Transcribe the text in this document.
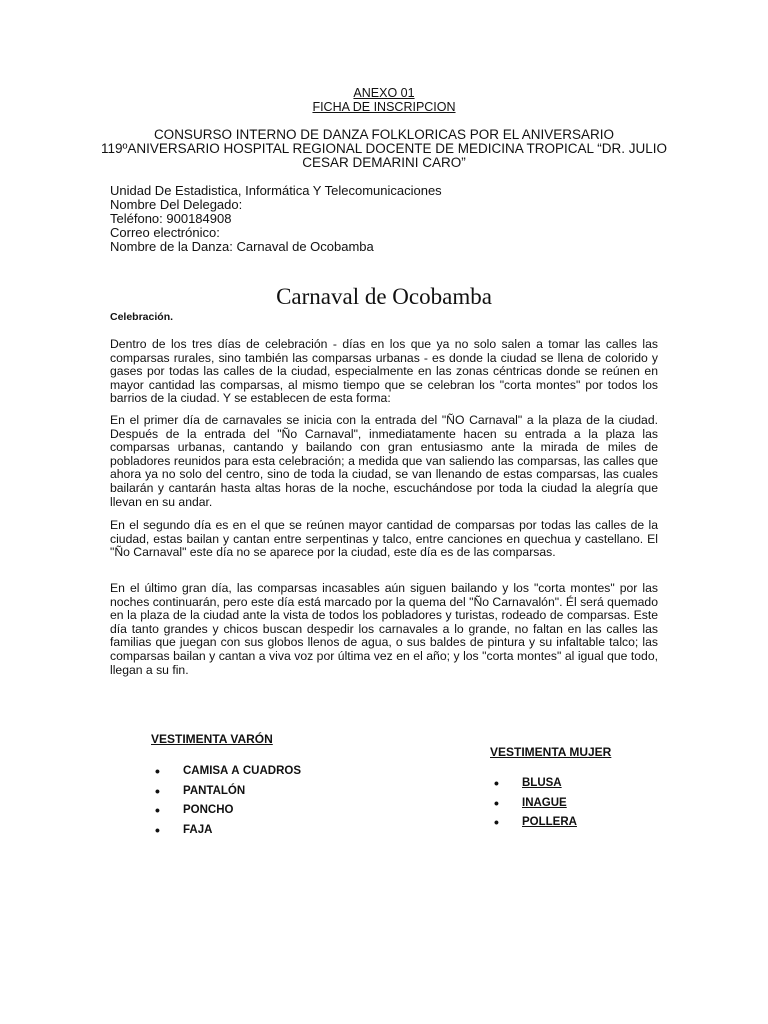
ANEXO 01
FICHA DE INSCRIPCION
CONSURSO INTERNO DE DANZA FOLKLORICAS POR EL ANIVERSARIO
119ºANIVERSARIO HOSPITAL REGIONAL DOCENTE DE MEDICINA TROPICAL “DR. JULIO
CESAR DEMARINI CARO”
Unidad De Estadistica, Informática Y Telecomunicaciones
Nombre Del Delegado:
Teléfono: 900184908
Correo electrónico:
Nombre de la Danza: Carnaval de Ocobamba
Carnaval de Ocobamba
Celebración.

Dentro de los tres días de celebración - días en los que ya no solo salen a tomar las calles las comparsas rurales, sino también las comparsas urbanas - es donde la ciudad se llena de colorido y gases por todas las calles de la ciudad, especialmente en las zonas céntricas donde se reúnen en mayor cantidad las comparsas, al mismo tiempo que se celebran los "corta montes" por todos los barrios de la ciudad. Y se establecen de esta forma:

En el primer día de carnavales se inicia con la entrada del "ÑO Carnaval" a la plaza de la ciudad. Después de la entrada del "Ño Carnaval", inmediatamente hacen su entrada a la plaza las comparsas urbanas, cantando y bailando con gran entusiasmo ante la mirada de miles de pobladores reunidos para esta celebración; a medida que van saliendo las comparsas, las calles que ahora ya no solo del centro, sino de toda la ciudad, se van llenando de estas comparsas, las cuales bailarán y cantarán hasta altas horas de la noche, escuchándose por toda la ciudad la alegría que llevan en su andar.

En el segundo día es en el que se reúnen mayor cantidad de comparsas por todas las calles de la ciudad, estas bailan y cantan entre serpentinas y talco, entre canciones en quechua y castellano. El "Ño Carnaval" este día no se aparece por la ciudad, este día es de las comparsas.

En el último gran día, las comparsas incasables aún siguen bailando y los "corta montes" por las noches continuarán, pero este día está marcado por la quema del "Ño Carnavalón". Él será quemado en la plaza de la ciudad ante la vista de todos los pobladores y turistas, rodeado de comparsas. Este día tanto grandes y chicos buscan despedir los carnavales a lo grande, no faltan en las calles las familias que juegan con sus globos llenos de agua, o sus baldes de pintura y su infaltable talco; las comparsas bailan y cantan a viva voz por última vez en el año; y los "corta montes" al igual que todo, llegan a su fin.

VESTIMENTA VARÓN
• CAMISA A CUADROS
• PANTALÓN
• PONCHO
• FAJA
VESTIMENTA MUJER
• BLUSA
• INAGUE
• POLLERA
